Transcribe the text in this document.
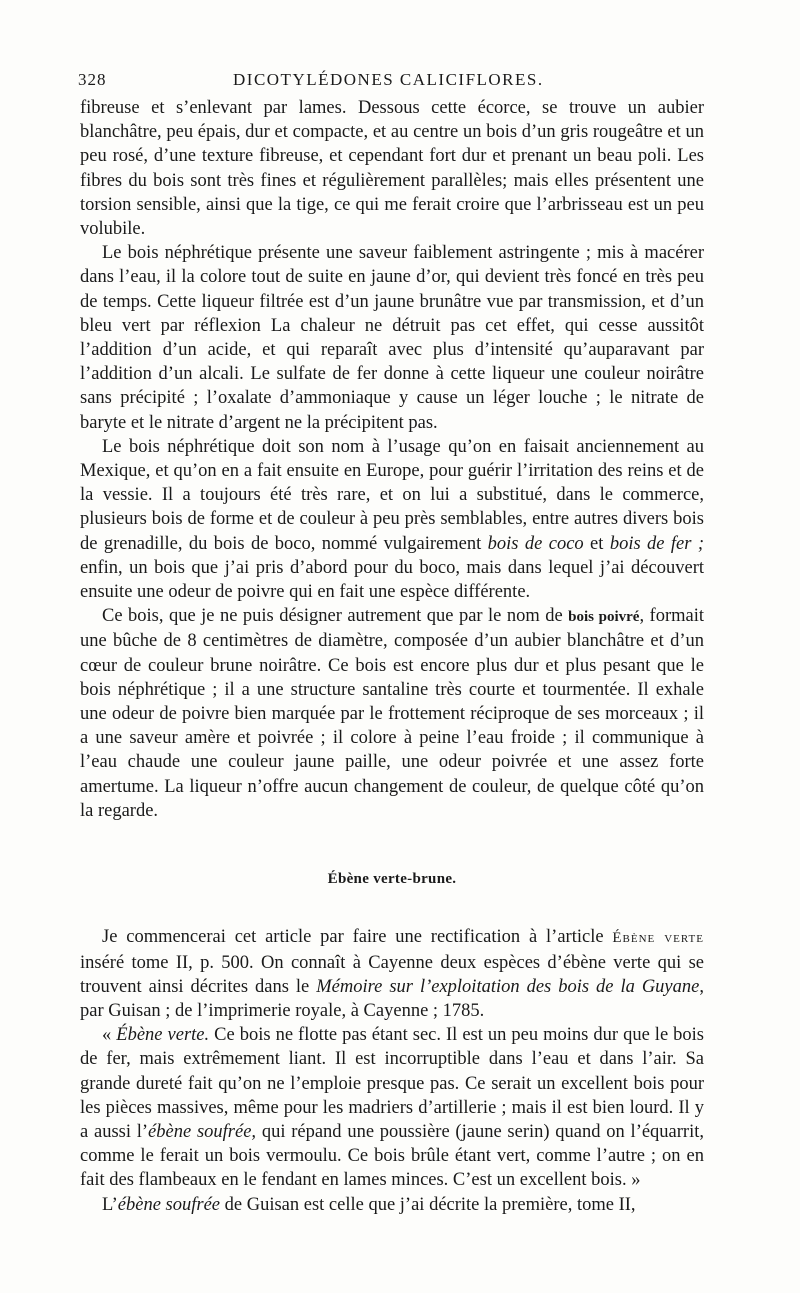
328	DICOTYLÉDONES CALICIFLORES.

fibreuse et s’enlevant par lames. Dessous cette écorce, se trouve un aubier blanchâtre, peu épais, dur et compacte, et au centre un bois d’un gris rougeâtre et un peu rosé, d’une texture fibreuse, et cependant fort dur et prenant un beau poli. Les fibres du bois sont très fines et régulièrement parallèles; mais elles présentent une torsion sensible, ainsi que la tige, ce qui me ferait croire que l’arbrisseau est un peu volubile.

Le bois néphrétique présente une saveur faiblement astringente ; mis à macérer dans l’eau, il la colore tout de suite en jaune d’or, qui devient très foncé en très peu de temps. Cette liqueur filtrée est d’un jaune brunâtre vue par transmission, et d’un bleu vert par réflexion La chaleur ne détruit pas cet effet, qui cesse aussitôt l’addition d’un acide, et qui reparaît avec plus d’intensité qu’auparavant par l’addition d’un alcali. Le sulfate de fer donne à cette liqueur une couleur noirâtre sans précipité ; l’oxalate d’ammoniaque y cause un léger louche ; le nitrate de baryte et le nitrate d’argent ne la précipitent pas.

Le bois néphrétique doit son nom à l’usage qu’on en faisait anciennement au Mexique, et qu’on en a fait ensuite en Europe, pour guérir l’irritation des reins et de la vessie. Il a toujours été très rare, et on lui a substitué, dans le commerce, plusieurs bois de forme et de couleur à peu près semblables, entre autres divers bois de grenadille, du bois de boco, nommé vulgairement bois de coco et bois de fer ; enfin, un bois que j’ai pris d’abord pour du boco, mais dans lequel j’ai découvert ensuite une odeur de poivre qui en fait une espèce différente.

Ce bois, que je ne puis désigner autrement que par le nom de bois poivré, formait une bûche de 8 centimètres de diamètre, composée d’un aubier blanchâtre et d’un cœur de couleur brune noirâtre. Ce bois est encore plus dur et plus pesant que le bois néphrétique ; il a une structure santaline très courte et tourmentée. Il exhale une odeur de poivre bien marquée par le frottement réciproque de ses morceaux ; il a une saveur amère et poivrée ; il colore à peine l’eau froide ; il communique à l’eau chaude une couleur jaune paille, une odeur poivrée et une assez forte amertume. La liqueur n’offre aucun changement de couleur, de quelque côté qu’on la regarde.

Ébène verte-brune.

Je commencerai cet article par faire une rectification à l’article Ébène verte inséré tome II, p. 500. On connaît à Cayenne deux espèces d’ébène verte qui se trouvent ainsi décrites dans le Mémoire sur l’exploitation des bois de la Guyane, par Guisan ; de l’imprimerie royale, à Cayenne ; 1785.

« Ébène verte. Ce bois ne flotte pas étant sec. Il est un peu moins dur que le bois de fer, mais extrêmement liant. Il est incorruptible dans l’eau et dans l’air. Sa grande dureté fait qu’on ne l’emploie presque pas. Ce serait un excellent bois pour les pièces massives, même pour les madriers d’artillerie ; mais il est bien lourd. Il y a aussi l’ébène soufrée, qui répand une poussière (jaune serin) quand on l’équarrit, comme le ferait un bois vermoulu. Ce bois brûle étant vert, comme l’autre ; on en fait des flambeaux en le fendant en lames minces. C’est un excellent bois. »

L’ébène soufrée de Guisan est celle que j’ai décrite la première, tome II,
